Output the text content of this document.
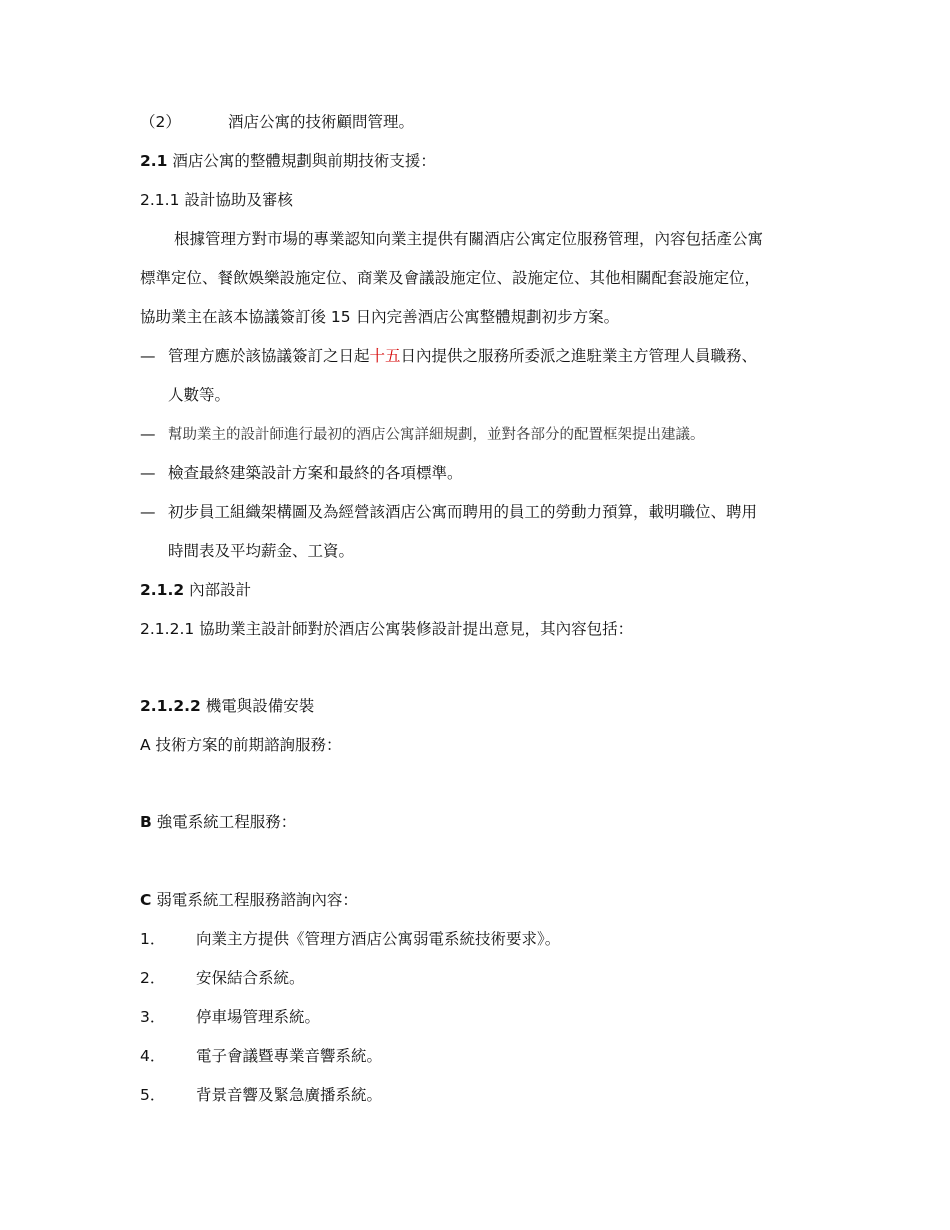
（2）	酒店公寓的技術顧問管理。
2.1 酒店公寓的整體規劃與前期技術支援：
2.1.1 設計協助及審核
根據管理方對市場的專業認知向業主提供有關酒店公寓定位服務管理，內容包括產公寓
標準定位、餐飲娛樂設施定位、商業及會議設施定位、設施定位、其他相關配套設施定位，
協助業主在該本協議簽訂後 15 日內完善酒店公寓整體規劃初步方案。
— 管理方應於該協議簽訂之日起十五日內提供之服務所委派之進駐業主方管理人員職務、
人數等。
— 幫助業主的設計師進行最初的酒店公寓詳細規劃，並對各部分的配置框架提出建議。
— 檢查最終建築設計方案和最終的各項標準。
— 初步員工組織架構圖及為經營該酒店公寓而聘用的員工的勞動力預算，載明職位、聘用
時間表及平均薪金、工資。
2.1.2 內部設計
2.1.2.1 協助業主設計師對於酒店公寓裝修設計提出意見，其內容包括：
2.1.2.2 機電與設備安裝
A 技術方案的前期諮詢服務：
B 強電系統工程服務：
C 弱電系統工程服務諮詢內容：
1． 向業主方提供《管理方酒店公寓弱電系統技術要求》。
2． 安保結合系統。
3． 停車場管理系統。
4． 電子會議暨專業音響系統。
5． 背景音響及緊急廣播系統。
